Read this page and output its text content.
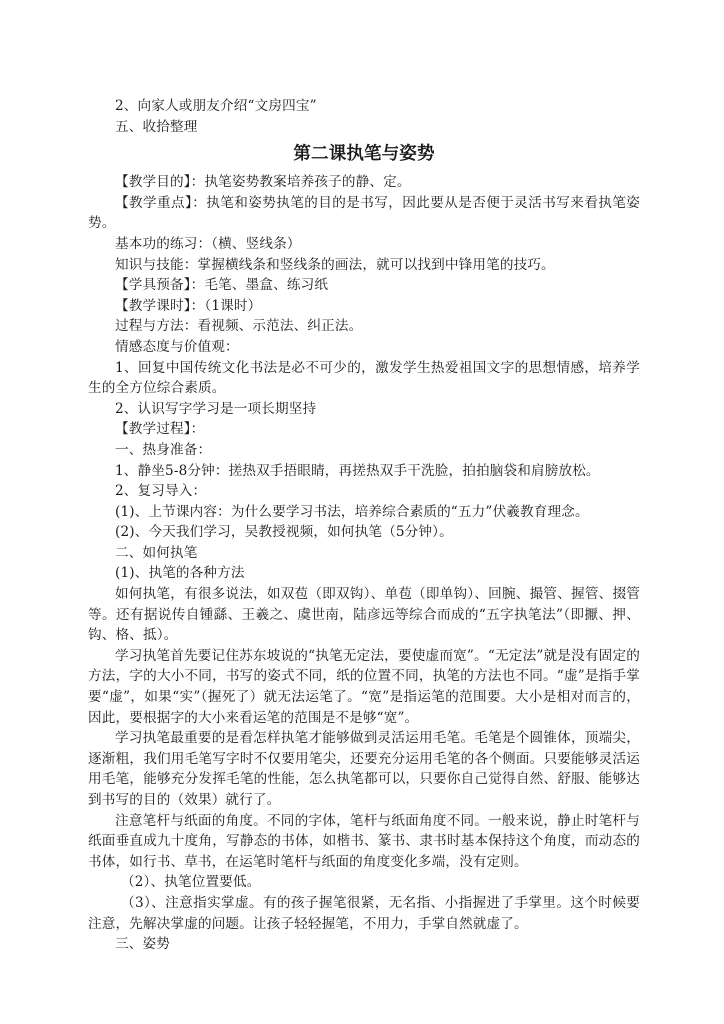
2、向家人或朋友介绍“文房四宝”

五、收拾整理

第二课执笔与姿势

【教学目的】：执笔姿势教案培养孩子的静、定。

【教学重点】：执笔和姿势执笔的目的是书写，因此要从是否便于灵活书写来看执笔姿势。

基本功的练习：（横、竖线条）

知识与技能：掌握横线条和竖线条的画法，就可以找到中锋用笔的技巧。

【学具预备】：毛笔、墨盒、练习纸

【教学课时】：（1课时）

过程与方法：看视频、示范法、纠正法。

情感态度与价值观：

1、回复中国传统文化书法是必不可少的，激发学生热爱祖国文字的思想情感，培养学生的全方位综合素质。

2、认识写字学习是一项长期坚持

【教学过程】：

一、热身准备：

1、静坐5-8分钟：搓热双手捂眼睛，再搓热双手干洗脸，拍拍脑袋和肩膀放松。

2、复习导入：

(1)、上节课内容：为什么要学习书法，培养综合素质的“五力”伏羲教育理念。

(2)、今天我们学习，吴教授视频，如何执笔（5分钟）。

二、如何执笔

(1)、执笔的各种方法

如何执笔，有很多说法，如双苞（即双钩）、单苞（即单钩）、回腕、撮管、握管、掇管等。还有据说传自锺繇、王羲之、虞世南，陆彦远等综合而成的“五字执笔法”（即擫、押、钩、格、抵）。

学习执笔首先要记住苏东坡说的“执笔无定法，要使虚而宽”。“无定法”就是没有固定的方法，字的大小不同，书写的姿式不同，纸的位置不同，执笔的方法也不同。“虚”是指手掌要“虚”，如果“实”（握死了）就无法运笔了。“宽”是指运笔的范围要。大小是相对而言的，因此，要根据字的大小来看运笔的范围是不是够“宽”。

学习执笔最重要的是看怎样执笔才能够做到灵活运用毛笔。毛笔是个圆锥体，顶端尖，逐渐粗，我们用毛笔写字时不仅要用笔尖，还要充分运用毛笔的各个侧面。只要能够灵活运用毛笔，能够充分发挥毛笔的性能，怎么执笔都可以，只要你自己觉得自然、舒服、能够达到书写的目的（效果）就行了。

注意笔杆与纸面的角度。不同的字体，笔杆与纸面角度不同。一般来说，静止时笔杆与纸面垂直成九十度角，写静态的书体，如楷书、篆书、隶书时基本保持这个角度，而动态的书体，如行书、草书，在运笔时笔杆与纸面的角度变化多端，没有定则。

（2）、执笔位置要低。

（3）、注意指实掌虚。有的孩子握笔很紧，无名指、小指握进了手掌里。这个时候要注意，先解决掌虚的问题。让孩子轻轻握笔，不用力，手掌自然就虚了。

三、姿势
